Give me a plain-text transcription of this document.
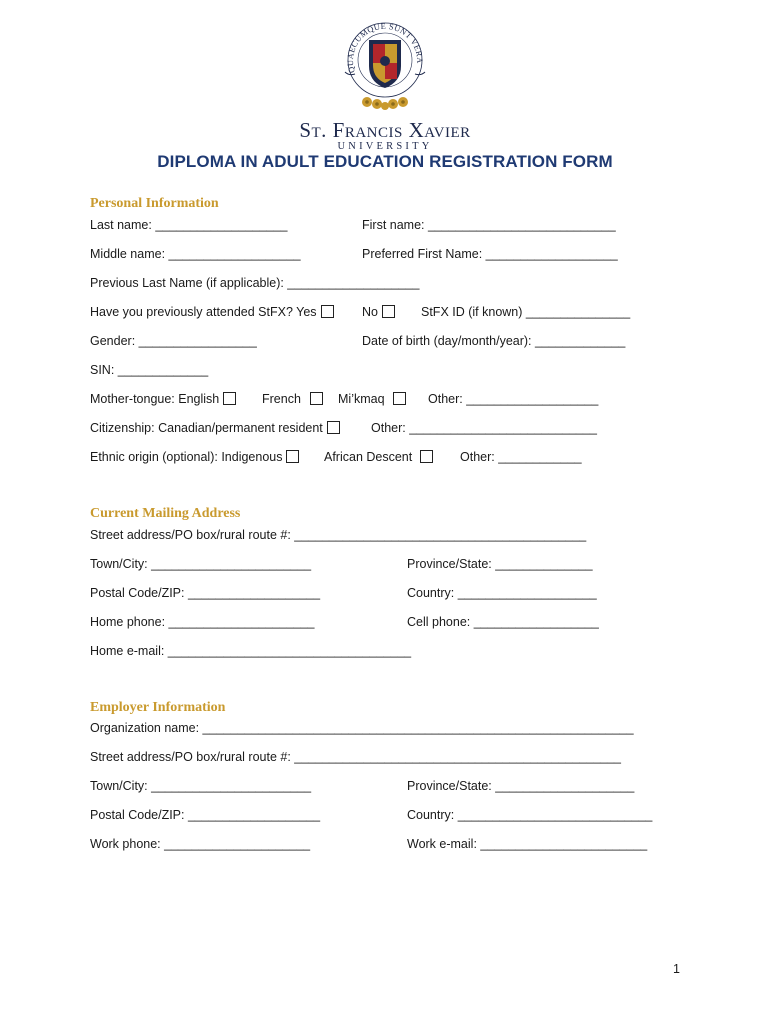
QUAECUMQUE SUNT VERA
St. Francis Xavier
UNIVERSITY
DIPLOMA IN ADULT EDUCATION REGISTRATION FORM
Personal Information
Last name: ___________________	First name: ___________________________
Middle name: ___________________	Preferred First Name: ___________________
Previous Last Name (if applicable): ___________________
Have you previously attended StFX? Yes	No	StFX ID (if known) _______________
Gender: _________________	Date of birth (day/month/year): _____________
SIN: _____________
Mother-tongue: English	French	Mi’kmaq	Other: ___________________
Citizenship: Canadian/permanent resident	Other: ___________________________
Ethnic origin (optional): Indigenous	African Descent	Other: ____________
Current Mailing Address
Street address/PO box/rural route #: __________________________________________
Town/City: _______________________	Province/State: ______________
Postal Code/ZIP: ___________________	Country: ____________________
Home phone: _____________________	Cell phone: __________________
Home e-mail: ___________________________________
Employer Information
Organization name: ______________________________________________________________
Street address/PO box/rural route #: _______________________________________________
Town/City: _______________________	Province/State: ____________________
Postal Code/ZIP: ___________________	Country: ____________________________
Work phone: _____________________	Work e-mail: ________________________
1
